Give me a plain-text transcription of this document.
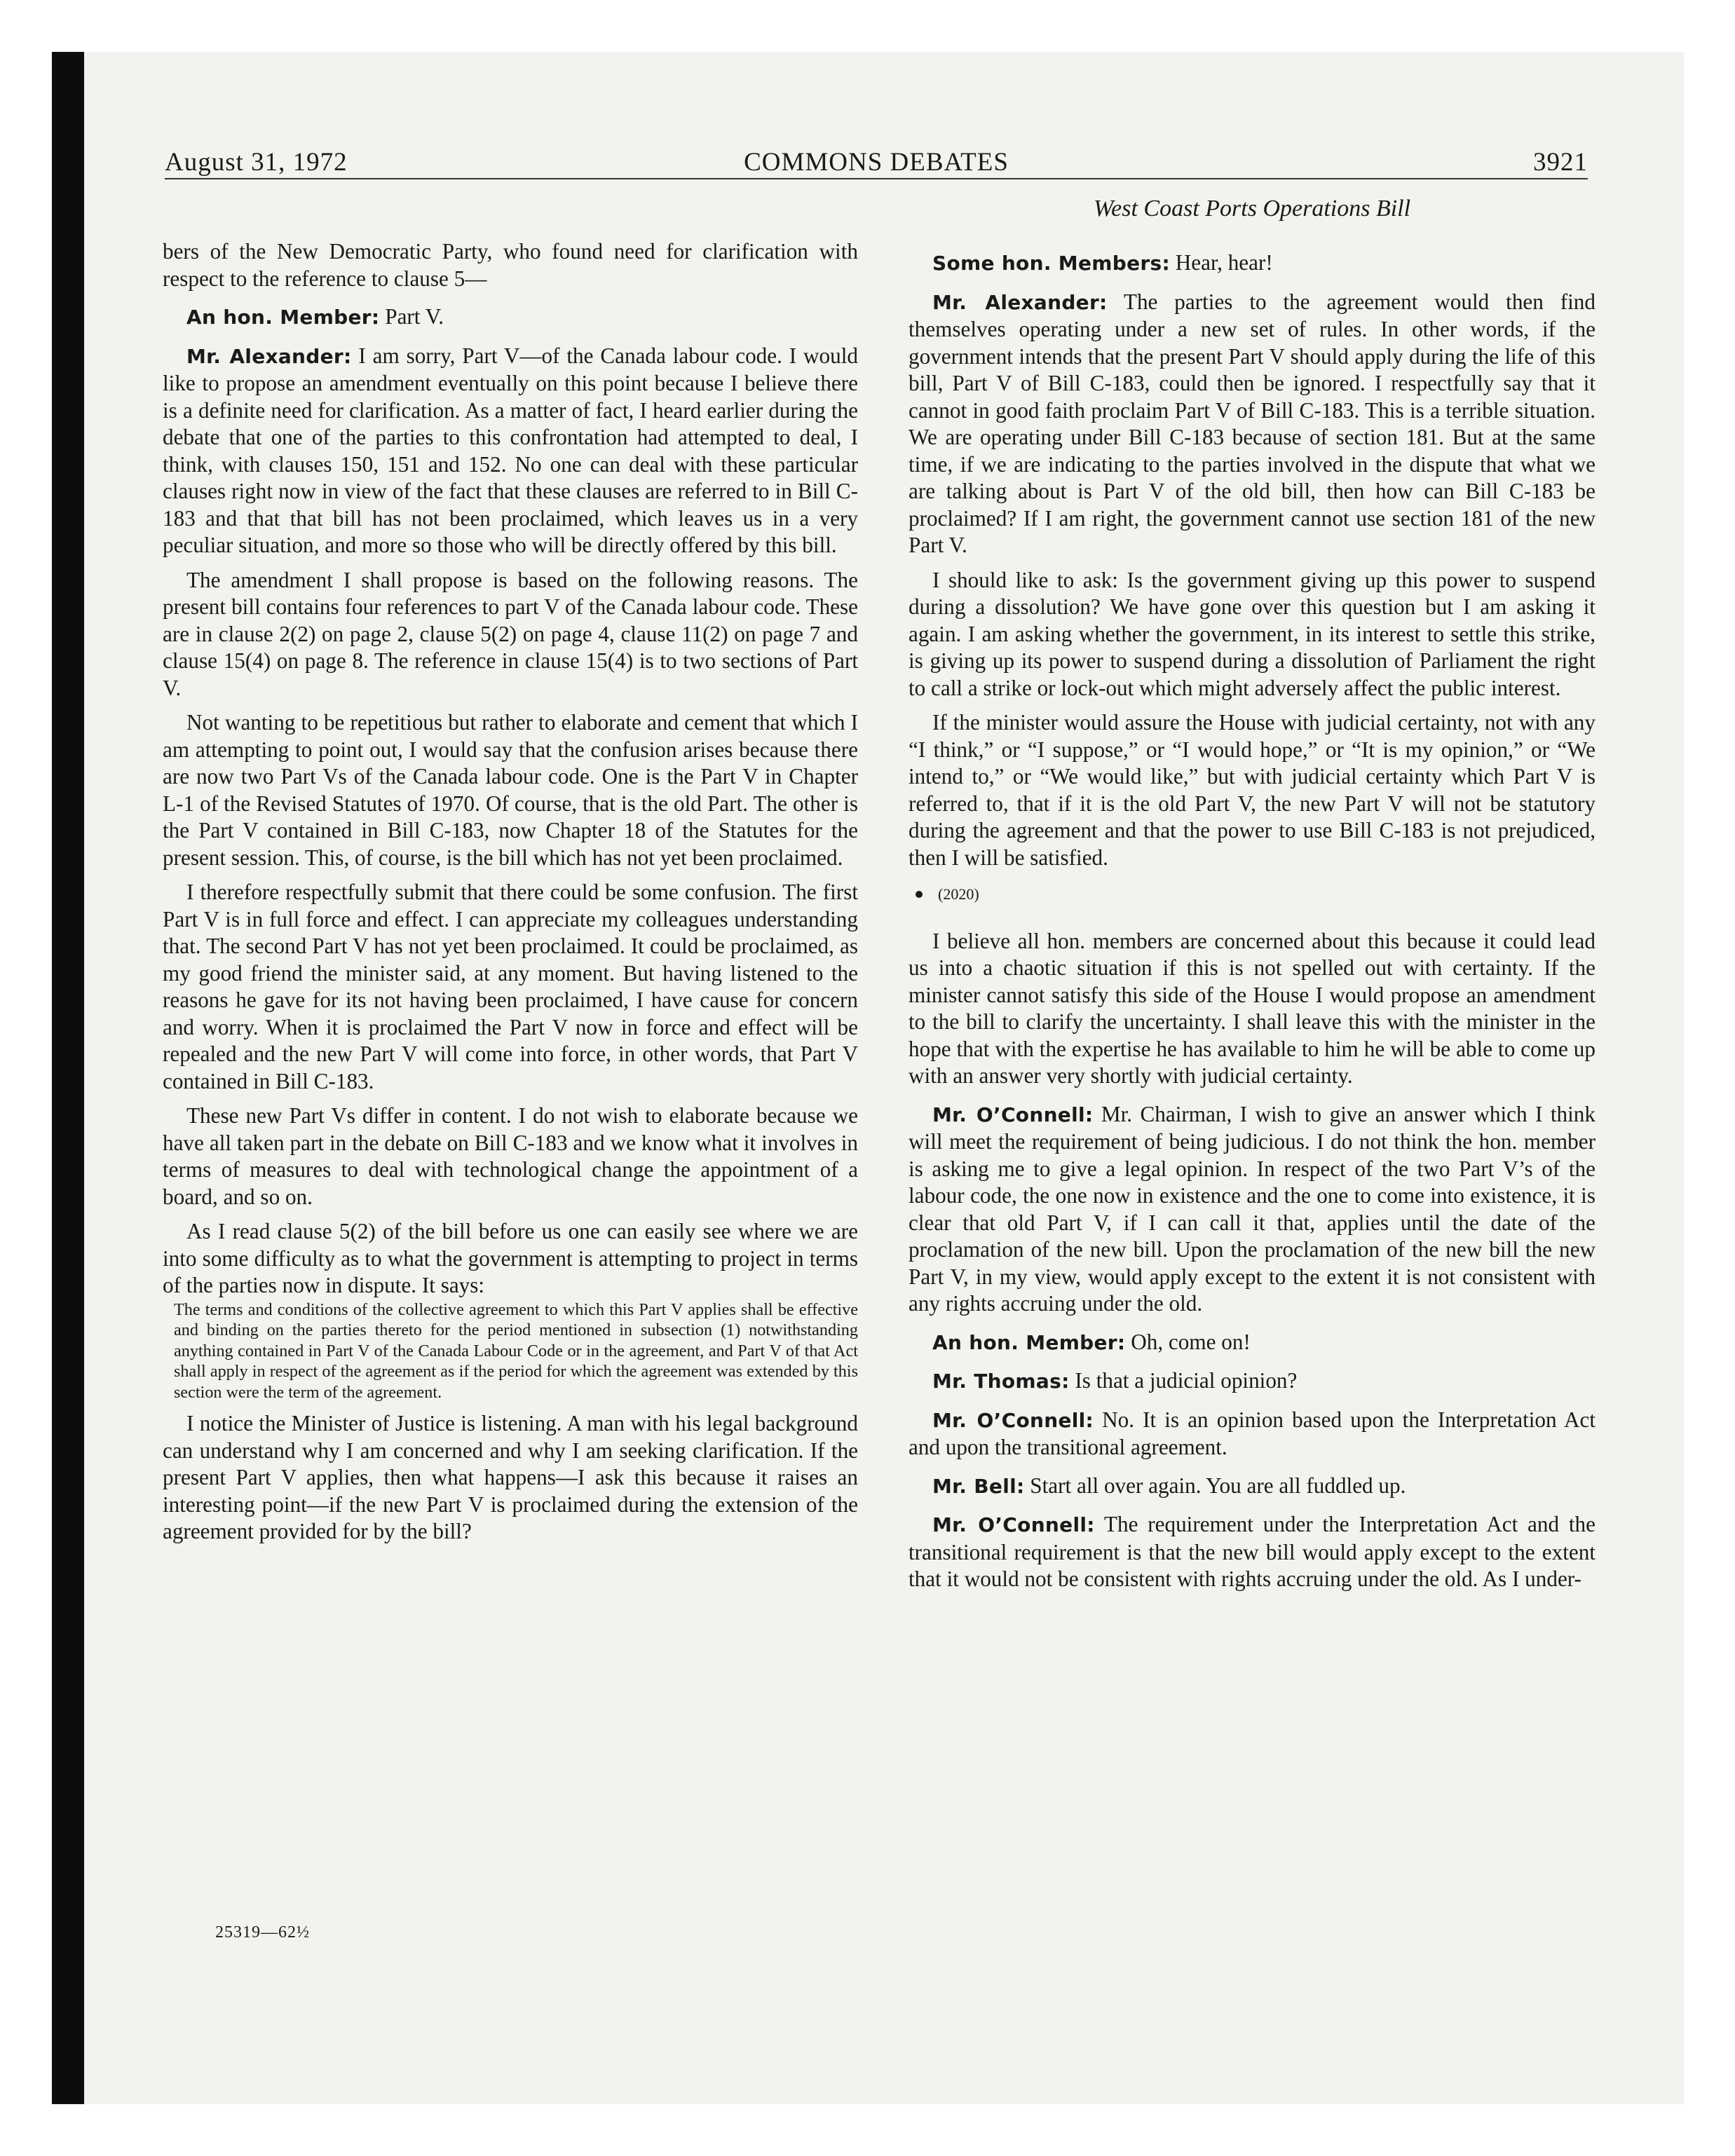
August 31, 1972	COMMONS DEBATES	3921
West Coast Ports Operations Bill

bers of the New Democratic Party, who found need for clarification with respect to the reference to clause 5—

An hon. Member: Part V.

Mr. Alexander: I am sorry, Part V—of the Canada labour code. I would like to propose an amendment eventually on this point because I believe there is a definite need for clarification. As a matter of fact, I heard earlier during the debate that one of the parties to this confrontation had attempted to deal, I think, with clauses 150, 151 and 152. No one can deal with these particular clauses right now in view of the fact that these clauses are referred to in Bill C-183 and that that bill has not been proclaimed, which leaves us in a very peculiar situation, and more so those who will be directly offered by this bill.

The amendment I shall propose is based on the following reasons. The present bill contains four references to part V of the Canada labour code. These are in clause 2(2) on page 2, clause 5(2) on page 4, clause 11(2) on page 7 and clause 15(4) on page 8. The reference in clause 15(4) is to two sections of Part V.

Not wanting to be repetitious but rather to elaborate and cement that which I am attempting to point out, I would say that the confusion arises because there are now two Part Vs of the Canada labour code. One is the Part V in Chapter L-1 of the Revised Statutes of 1970. Of course, that is the old Part. The other is the Part V contained in Bill C-183, now Chapter 18 of the Statutes for the present session. This, of course, is the bill which has not yet been proclaimed.

I therefore respectfully submit that there could be some confusion. The first Part V is in full force and effect. I can appreciate my colleagues understanding that. The second Part V has not yet been proclaimed. It could be proclaimed, as my good friend the minister said, at any moment. But having listened to the reasons he gave for its not having been proclaimed, I have cause for concern and worry. When it is proclaimed the Part V now in force and effect will be repealed and the new Part V will come into force, in other words, that Part V contained in Bill C-183.

These new Part Vs differ in content. I do not wish to elaborate because we have all taken part in the debate on Bill C-183 and we know what it involves in terms of measures to deal with technological change the appointment of a board, and so on.

As I read clause 5(2) of the bill before us one can easily see where we are into some difficulty as to what the government is attempting to project in terms of the parties now in dispute. It says:

The terms and conditions of the collective agreement to which this Part V applies shall be effective and binding on the parties thereto for the period mentioned in subsection (1) notwithstanding anything contained in Part V of the Canada Labour Code or in the agreement, and Part V of that Act shall apply in respect of the agreement as if the period for which the agreement was extended by this section were the term of the agreement.

I notice the Minister of Justice is listening. A man with his legal background can understand why I am concerned and why I am seeking clarification. If the present Part V applies, then what happens—I ask this because it raises an interesting point—if the new Part V is proclaimed during the extension of the agreement provided for by the bill?

Some hon. Members: Hear, hear!

Mr. Alexander: The parties to the agreement would then find themselves operating under a new set of rules. In other words, if the government intends that the present Part V should apply during the life of this bill, Part V of Bill C-183, could then be ignored. I respectfully say that it cannot in good faith proclaim Part V of Bill C-183. This is a terrible situation. We are operating under Bill C-183 because of section 181. But at the same time, if we are indicating to the parties involved in the dispute that what we are talking about is Part V of the old bill, then how can Bill C-183 be proclaimed? If I am right, the government cannot use section 181 of the new Part V.

I should like to ask: Is the government giving up this power to suspend during a dissolution? We have gone over this question but I am asking it again. I am asking whether the government, in its interest to settle this strike, is giving up its power to suspend during a dissolution of Parliament the right to call a strike or lock-out which might adversely affect the public interest.

If the minister would assure the House with judicial certainty, not with any “I think,” or “I suppose,” or “I would hope,” or “It is my opinion,” or “We intend to,” or “We would like,” but with judicial certainty which Part V is referred to, that if it is the old Part V, the new Part V will not be statutory during the agreement and that the power to use Bill C-183 is not prejudiced, then I will be satisfied.

(2020)

I believe all hon. members are concerned about this because it could lead us into a chaotic situation if this is not spelled out with certainty. If the minister cannot satisfy this side of the House I would propose an amendment to the bill to clarify the uncertainty. I shall leave this with the minister in the hope that with the expertise he has available to him he will be able to come up with an answer very shortly with judicial certainty.

Mr. O’Connell: Mr. Chairman, I wish to give an answer which I think will meet the requirement of being judicious. I do not think the hon. member is asking me to give a legal opinion. In respect of the two Part V’s of the labour code, the one now in existence and the one to come into existence, it is clear that old Part V, if I can call it that, applies until the date of the proclamation of the new bill. Upon the proclamation of the new bill the new Part V, in my view, would apply except to the extent it is not consistent with any rights accruing under the old.

An hon. Member: Oh, come on!

Mr. Thomas: Is that a judicial opinion?

Mr. O’Connell: No. It is an opinion based upon the Interpretation Act and upon the transitional agreement.

Mr. Bell: Start all over again. You are all fuddled up.

Mr. O’Connell: The requirement under the Interpretation Act and the transitional requirement is that the new bill would apply except to the extent that it would not be consistent with rights accruing under the old. As I under-

25319—62½
